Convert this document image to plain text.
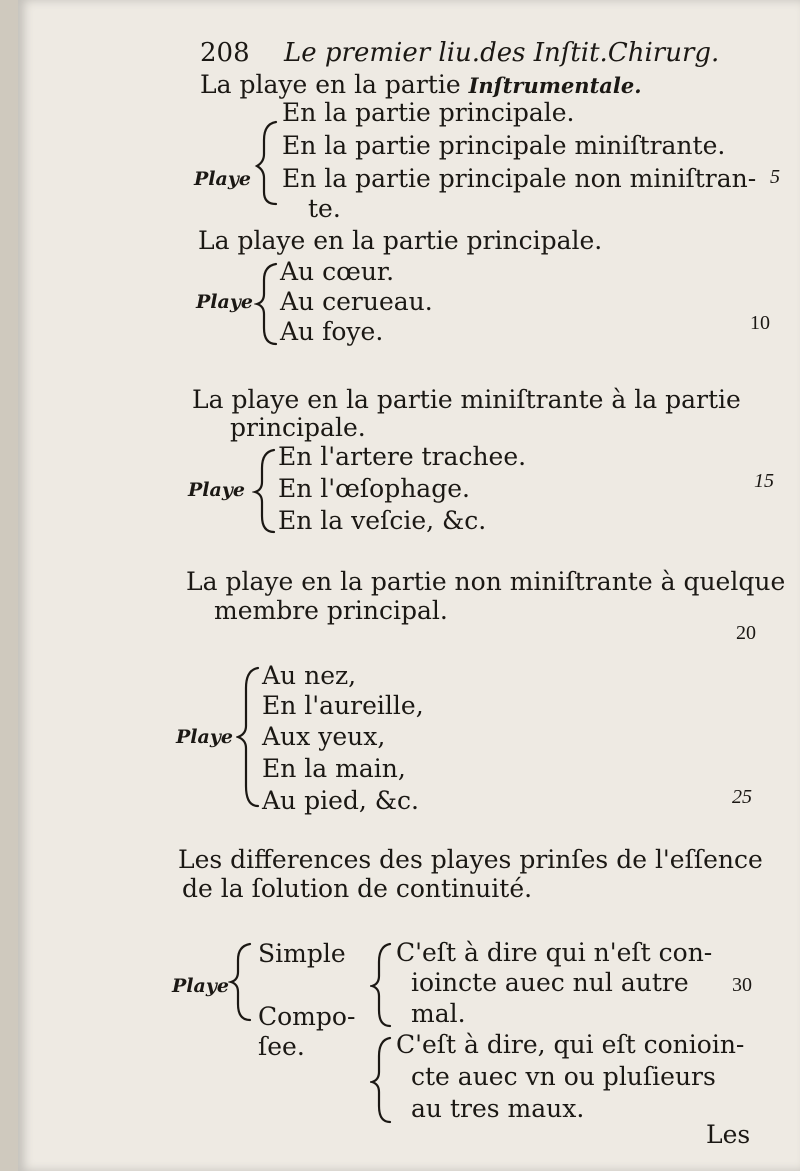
208 Le premier liu.des Inſtit.Chirurg.
La playe en la partie Inſtrumentale.
En la partie principale.
En la partie principale miniſtrante.
En la partie principale non miniſtran-
te.
Playe
La playe en la partie principale.
Au cœur.
Au cerueau.
Au foye.
Playe
La playe en la partie miniſtrante à la partie
principale.
En l'artere trachee.
En l'œſophage.
En la veſcie, &c.
Playe
La playe en la partie non miniſtrante à quelque
membre principal.
Au nez,
En l'aureille,
Aux yeux,
En la main,
Au pied, &c.
Playe
Les differences des playes prinſes de l'eſſence
de la ſolution de continuité.
Playe
Simple
Compo-
ſee.
C'eſt à dire qui n'eſt con-
ioincte auec nul autre
mal.
C'eſt à dire, qui eſt conioin-
cte auec vn ou pluſieurs
au tres maux.
5
10
15
20
25
30
Les
